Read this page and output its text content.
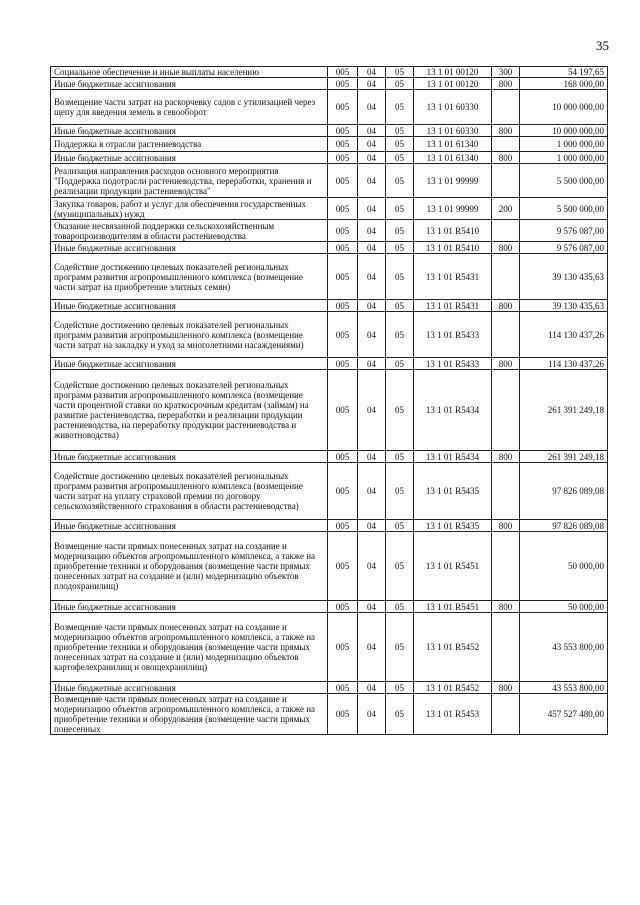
35
Социальное обеспечение и иные выплаты населению	005	04	05	13 1 01 00120	300	54 197,65
Иные бюджетные ассигнования	005	04	05	13 1 01 00120	800	168 000,00
Возмещение части затрат на раскорчевку садов с утилизацией через щепу для введения земель в севооборот	005	04	05	13 1 01 60330		10 000 000,00
Иные бюджетные ассигнования	005	04	05	13 1 01 60330	800	10 000 000,00
Поддержка в отрасли растениеводства	005	04	05	13 1 01 61340		1 000 000,00
Иные бюджетные ассигнования	005	04	05	13 1 01 61340	800	1 000 000,00
Реализация направления расходов основного мероприятия "Поддержка подотрасли растениеводства, переработки, хранения и реализации продукции растениеводства"	005	04	05	13 1 01 99999		5 500 000,00
Закупка товаров, работ и услуг для обеспечения государственных (муниципальных) нужд	005	04	05	13 1 01 99999	200	5 500 000,00
Оказание несвязанной поддержки сельскохозяйственным товаропроизводителям в области растениеводства	005	04	05	13 1 01 R5410		9 576 087,00
Иные бюджетные ассигнования	005	04	05	13 1 01 R5410	800	9 576 087,00
Содействие достижению целевых показателей региональных программ развития агропромышленного комплекса (возмещение части затрат на приобретение элитных семян)	005	04	05	13 1 01 R5431		39 130 435,63
Иные бюджетные ассигнования	005	04	05	13 1 01 R5431	800	39 130 435,63
Содействие достижению целевых показателей региональных программ развития агропромышленного комплекса (возмещение части затрат на закладку и уход за многолетними насаждениями)	005	04	05	13 1 01 R5433		114 130 437,26
Иные бюджетные ассигнования	005	04	05	13 1 01 R5433	800	114 130 437,26
Содействие достижению целевых показателей региональных программ развития агропромышленного комплекса (возмещение части процентной ставки по краткосрочным кредитам (займам) на развитие растениеводства, переработки и реализации продукции растениеводства, на переработку продукции растениеводства и животноводства)	005	04	05	13 1 01 R5434		261 391 249,18
Иные бюджетные ассигнования	005	04	05	13 1 01 R5434	800	261 391 249,18
Содействие достижению целевых показателей региональных программ развития агропромышленного комплекса (возмещение части затрат на уплату страховой премии по договору сельскохозяйственного страхования в области растениеводства)	005	04	05	13 1 01 R5435		97 826 089,08
Иные бюджетные ассигнования	005	04	05	13 1 01 R5435	800	97 826 089,08
Возмещение части прямых понесенных затрат на создание и модернизацию объектов агропромышленного комплекса, а также на приобретение техники и оборудования (возмещение части прямых понесенных затрат на создание и (или) модернизацию объектов плодохранилищ)	005	04	05	13 1 01 R5451		50 000,00
Иные бюджетные ассигнования	005	04	05	13 1 01 R5451	800	50 000,00
Возмещение части прямых понесенных затрат на создание и модернизацию объектов агропромышленного комплекса, а также на приобретение техники и оборудования (возмещение части прямых понесенных затрат на создание и (или) модернизацию объектов картофелехранилищ и овощехранилищ)	005	04	05	13 1 01 R5452		43 553 800,00
Иные бюджетные ассигнования	005	04	05	13 1 01 R5452	800	43 553 800,00
Возмещение части прямых понесенных затрат на создание и модернизацию объектов агропромышленного комплекса, а также на приобретение техники и оборудования (возмещение части прямых понесенных	005	04	05	13 1 01 R5453		457 527 480,00
